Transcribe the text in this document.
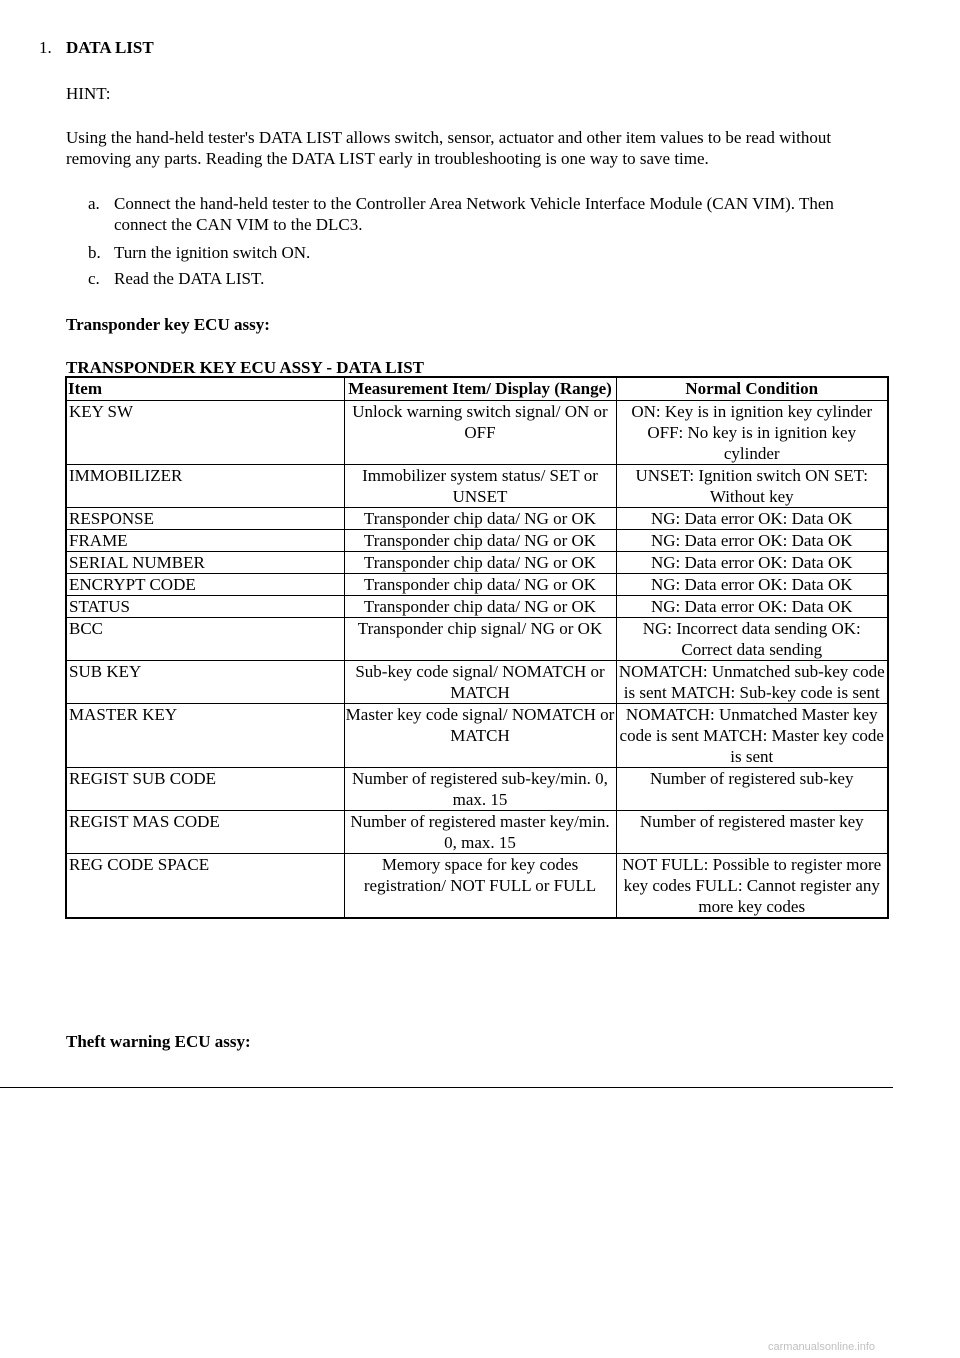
1. DATA LIST
HINT:
Using the hand-held tester's DATA LIST allows switch, sensor, actuator and other item values to be read without removing any parts. Reading the DATA LIST early in troubleshooting is one way to save time.
a. Connect the hand-held tester to the Controller Area Network Vehicle Interface Module (CAN VIM). Then connect the CAN VIM to the DLC3.
b. Turn the ignition switch ON.
c. Read the DATA LIST.
Transponder key ECU assy:
TRANSPONDER KEY ECU ASSY - DATA LIST
Item	Measurement Item/ Display (Range)	Normal Condition
KEY SW	Unlock warning switch signal/ ON or OFF	ON: Key is in ignition key cylinder OFF: No key is in ignition key cylinder
IMMOBILIZER	Immobilizer system status/ SET or UNSET	UNSET: Ignition switch ON SET: Without key
RESPONSE	Transponder chip data/ NG or OK	NG: Data error OK: Data OK
FRAME	Transponder chip data/ NG or OK	NG: Data error OK: Data OK
SERIAL NUMBER	Transponder chip data/ NG or OK	NG: Data error OK: Data OK
ENCRYPT CODE	Transponder chip data/ NG or OK	NG: Data error OK: Data OK
STATUS	Transponder chip data/ NG or OK	NG: Data error OK: Data OK
BCC	Transponder chip signal/ NG or OK	NG: Incorrect data sending OK: Correct data sending
SUB KEY	Sub-key code signal/ NOMATCH or MATCH	NOMATCH: Unmatched sub-key code is sent MATCH: Sub-key code is sent
MASTER KEY	Master key code signal/ NOMATCH or MATCH	NOMATCH: Unmatched Master key code is sent MATCH: Master key code is sent
REGIST SUB CODE	Number of registered sub-key/min. 0, max. 15	Number of registered sub-key
REGIST MAS CODE	Number of registered master key/min. 0, max. 15	Number of registered master key
REG CODE SPACE	Memory space for key codes registration/ NOT FULL or FULL	NOT FULL: Possible to register more key codes FULL: Cannot register any more key codes
Theft warning ECU assy:
carmanualsonline.info
